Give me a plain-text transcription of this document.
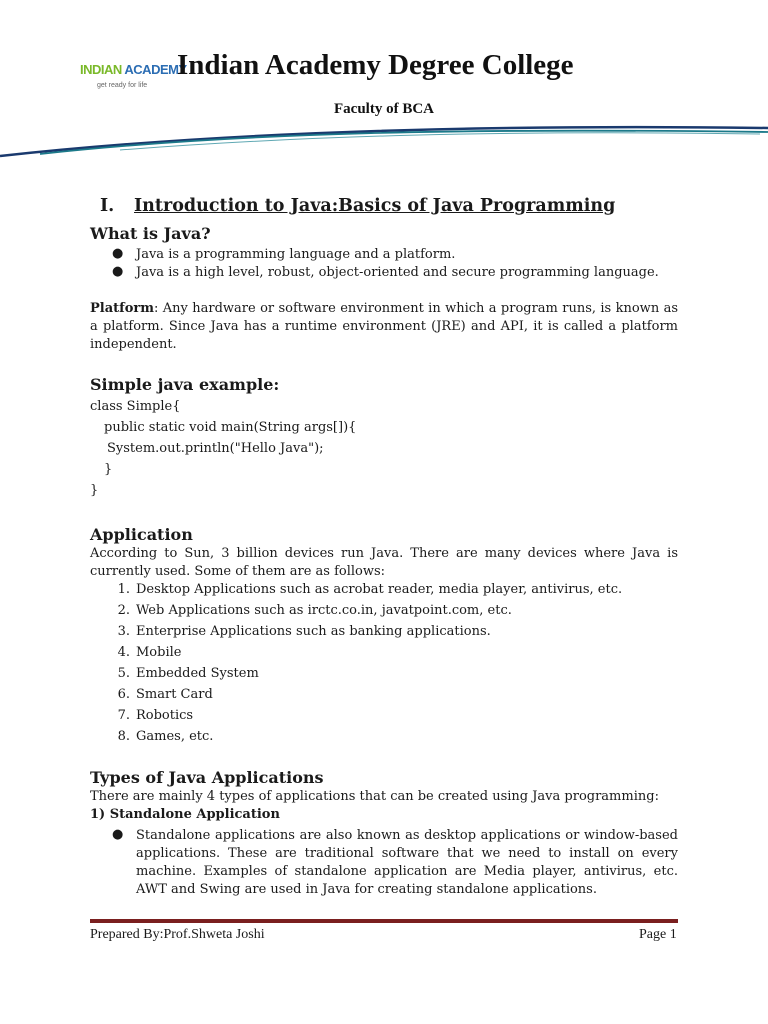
INDIAN ACADEMY
get ready for life
Indian Academy Degree College
Faculty of BCA
I. Introduction to Java:Basics of Java Programming
What is Java?
● Java is a programming language and a platform.
● Java is a high level, robust, object-oriented and secure programming language.
Platform: Any hardware or software environment in which a program runs, is known as a platform. Since Java has a runtime environment (JRE) and API, it is called a platform independent.
Simple java example:
class Simple{
public static void main(String args[]){
System.out.println("Hello Java");
}
}
Application
According to Sun, 3 billion devices run Java. There are many devices where Java is currently used. Some of them are as follows:
1. Desktop Applications such as acrobat reader, media player, antivirus, etc.
2. Web Applications such as irctc.co.in, javatpoint.com, etc.
3. Enterprise Applications such as banking applications.
4. Mobile
5. Embedded System
6. Smart Card
7. Robotics
8. Games, etc.
Types of Java Applications
There are mainly 4 types of applications that can be created using Java programming:
1) Standalone Application
● Standalone applications are also known as desktop applications or window-based applications. These are traditional software that we need to install on every machine. Examples of standalone application are Media player, antivirus, etc. AWT and Swing are used in Java for creating standalone applications.
Prepared By:Prof.Shweta Joshi	Page 1
